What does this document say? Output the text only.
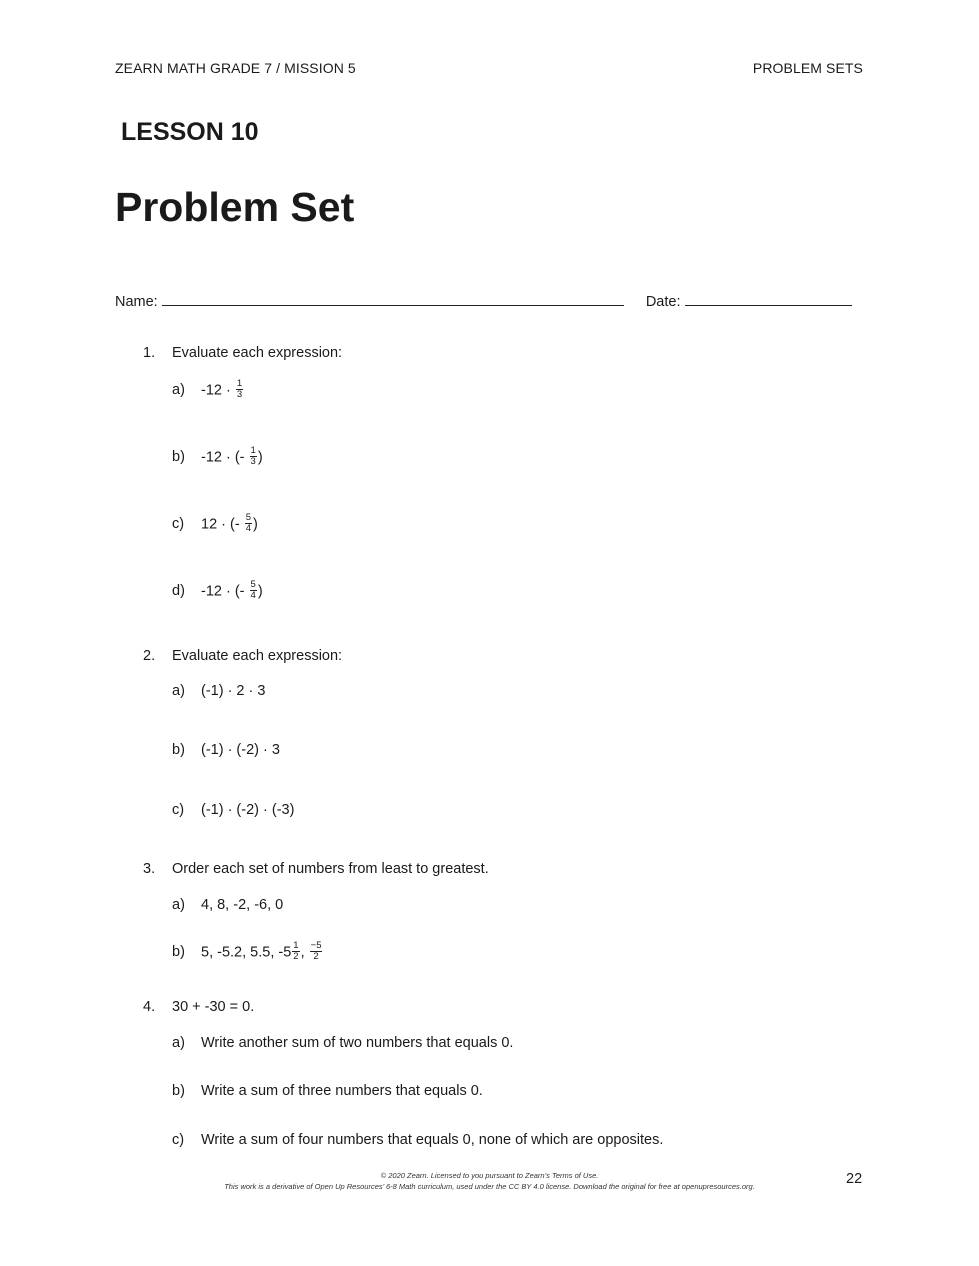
ZEARN MATH GRADE 7 / MISSION 5	PROBLEM SETS
LESSON 10
Problem Set
Name:	Date:
1. Evaluate each expression:
a) $-12 \cdot \frac{1}{3}$
b) -12 · (- $\frac{1}{3}$ )
c) 12 · (- $\frac{5}{4}$ )
d) -12 · (- $\frac{5}{4}$ )
2. Evaluate each expression:
a) (-1) · 2 · 3
b) (-1) · (-2) · 3
c) (-1) · (-2) · (-3)
3. Order each set of numbers from least to greatest.
a) 4, 8, -2, -6, 0
b) 5, -5.2, 5.5, $-5 \frac{1}{2}$ , $\frac{-5}{2}$
4. 30 + -30 = 0.
a) Write another sum of two numbers that equals 0.
b) Write a sum of three numbers that equals 0.
c) Write a sum of four numbers that equals 0, none of which are opposites.
© 2020 Zearn. Licensed to you pursuant to Zearn’s Terms of Use.
This work is a derivative of Open Up Resources’ 6-8 Math curriculum, used under the CC BY 4.0 license. Download the original for free at openupresources.org.	22
